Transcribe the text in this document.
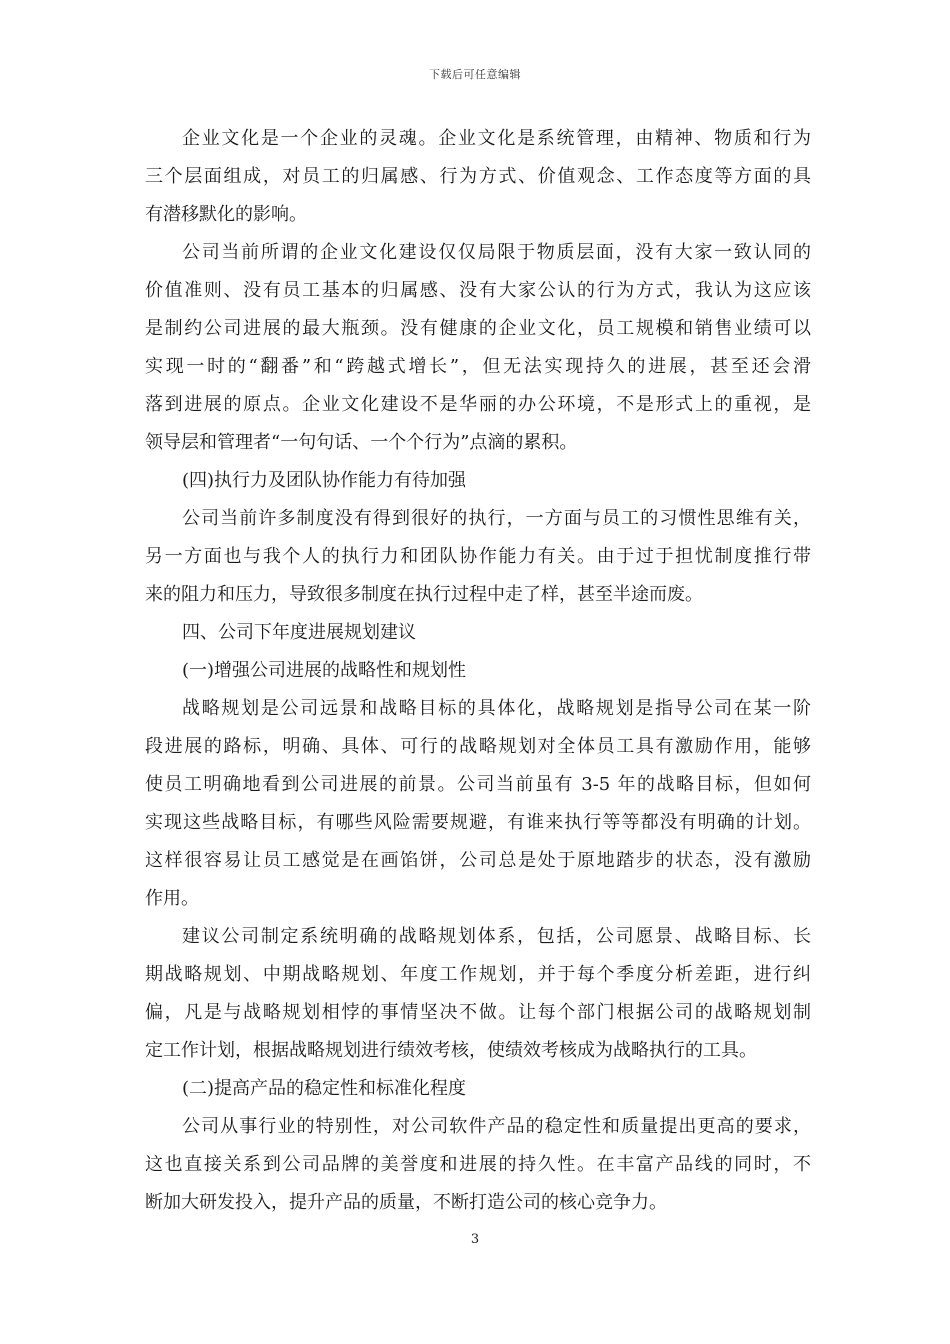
下载后可任意编辑
企业文化是一个企业的灵魂。企业文化是系统管理，由精神、物质和行为
三个层面组成，对员工的归属感、行为方式、价值观念、工作态度等方面的具
有潜移默化的影响。
公司当前所谓的企业文化建设仅仅局限于物质层面，没有大家一致认同的
价值准则、没有员工基本的归属感、没有大家公认的行为方式，我认为这应该
是制约公司进展的最大瓶颈。没有健康的企业文化，员工规模和销售业绩可以
实现一时的“翻番”和“跨越式增长”，但无法实现持久的进展，甚至还会滑
落到进展的原点。企业文化建设不是华丽的办公环境，不是形式上的重视，是
领导层和管理者“一句句话、一个个行为”点滴的累积。
(四)执行力及团队协作能力有待加强
公司当前许多制度没有得到很好的执行，一方面与员工的习惯性思维有关，
另一方面也与我个人的执行力和团队协作能力有关。由于过于担忧制度推行带
来的阻力和压力，导致很多制度在执行过程中走了样，甚至半途而废。
四、公司下年度进展规划建议
(一)增强公司进展的战略性和规划性
战略规划是公司远景和战略目标的具体化，战略规划是指导公司在某一阶
段进展的路标，明确、具体、可行的战略规划对全体员工具有激励作用，能够
使员工明确地看到公司进展的前景。公司当前虽有 3-5 年的战略目标，但如何
实现这些战略目标，有哪些风险需要规避，有谁来执行等等都没有明确的计划。
这样很容易让员工感觉是在画馅饼，公司总是处于原地踏步的状态，没有激励
作用。
建议公司制定系统明确的战略规划体系，包括，公司愿景、战略目标、长
期战略规划、中期战略规划、年度工作规划，并于每个季度分析差距，进行纠
偏，凡是与战略规划相悖的事情坚决不做。让每个部门根据公司的战略规划制
定工作计划，根据战略规划进行绩效考核，使绩效考核成为战略执行的工具。
(二)提高产品的稳定性和标准化程度
公司从事行业的特别性，对公司软件产品的稳定性和质量提出更高的要求，
这也直接关系到公司品牌的美誉度和进展的持久性。在丰富产品线的同时，不
断加大研发投入，提升产品的质量，不断打造公司的核心竞争力。
3
